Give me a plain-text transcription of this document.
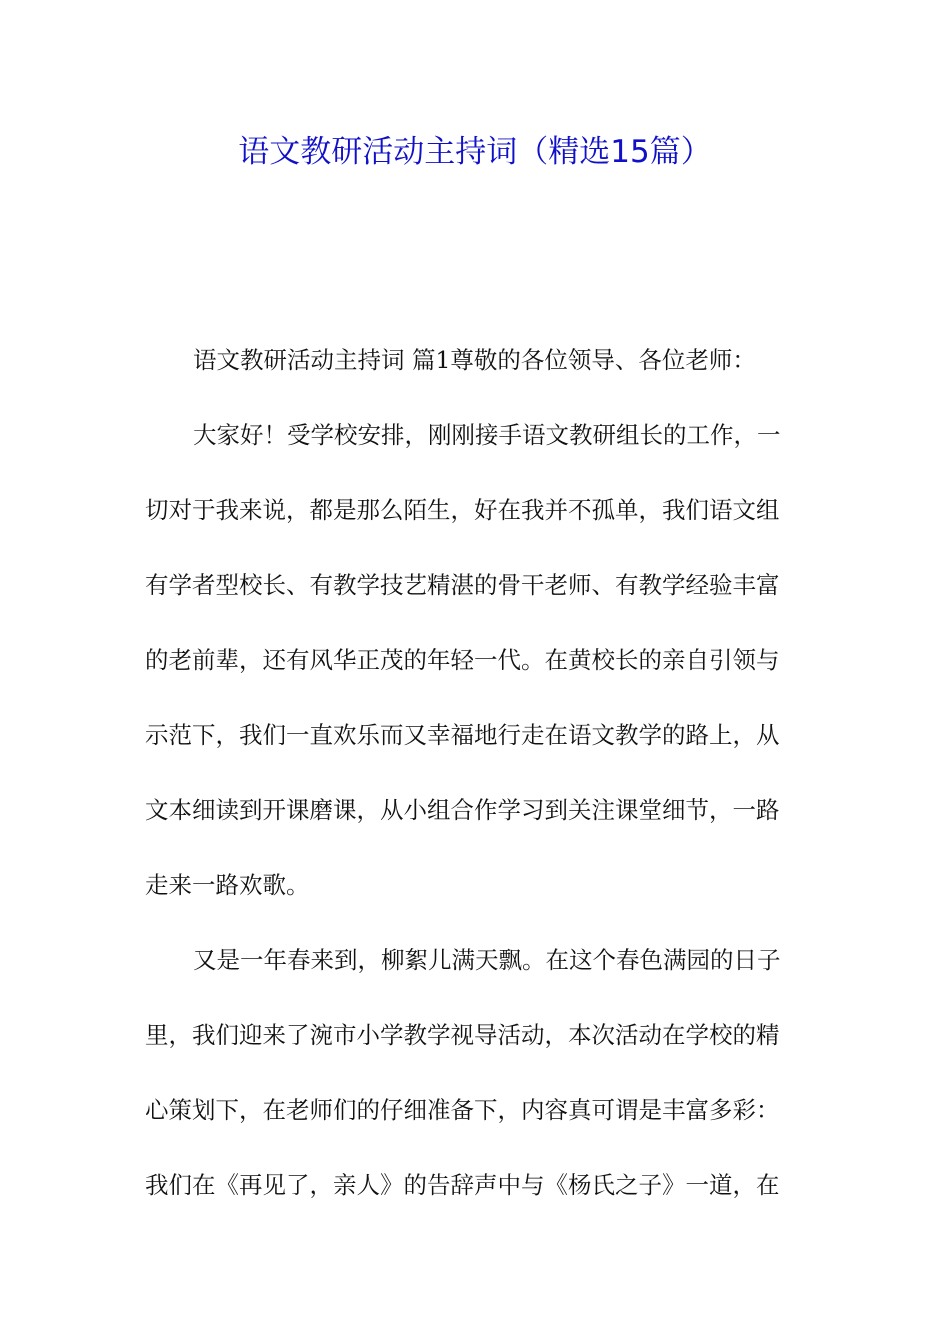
语文教研活动主持词（精选15篇）
语文教研活动主持词 篇1尊敬的各位领导、各位老师：
大家好！受学校安排，刚刚接手语文教研组长的工作，一
切对于我来说，都是那么陌生，好在我并不孤单，我们语文组
有学者型校长、有教学技艺精湛的骨干老师、有教学经验丰富
的老前辈，还有风华正茂的年轻一代。在黄校长的亲自引领与
示范下，我们一直欢乐而又幸福地行走在语文教学的路上，从
文本细读到开课磨课，从小组合作学习到关注课堂细节，一路
走来一路欢歌。
又是一年春来到，柳絮儿满天飘。在这个春色满园的日子
里，我们迎来了涴市小学教学视导活动，本次活动在学校的精
心策划下，在老师们的仔细准备下，内容真可谓是丰富多彩：
我们在《再见了，亲人》的告辞声中与《杨氏之子》一道，在
